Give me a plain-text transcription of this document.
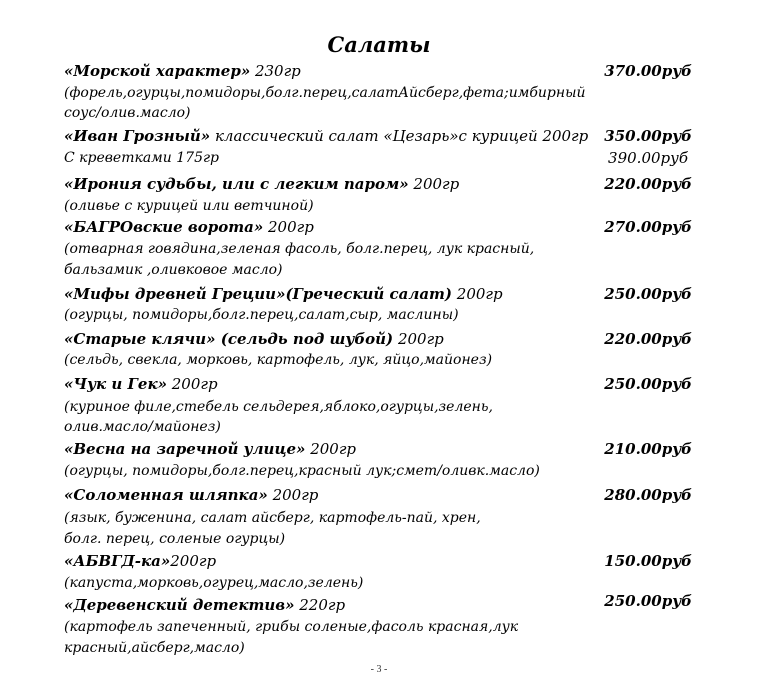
Салаты
«Морской характер» 230гр	370.00руб
(форель,огурцы,помидоры,болг.перец,салатАйсберг,фета;имбирный
соус/олив.масло)
«Иван Грозный» классический салат «Цезарь»с курицей 200гр 350.00руб
С креветками 175гр	390.00руб
«Ирония судьбы, или с легким паром» 200гр	220.00руб
(оливье с курицей или ветчиной)
«БАГРОвские ворота» 200гр	270.00руб
(отварная говядина,зеленая фасоль, болг.перец, лук красный,
бальзамик ,оливковое масло)
«Мифы древней Греции»(Греческий салат) 200гр	250.00руб
(огурцы, помидоры,болг.перец,салат,сыр, маслины)
«Старые клячи» (сельдь под шубой) 200гр	220.00руб
(сельдь, свекла, морковь, картофель, лук, яйцо,майонез)
«Чук и Гек» 200гр	250.00руб
(куриное филе,стебель сельдерея,яблоко,огурцы,зелень,
олив.масло/майонез)
«Весна на заречной улице» 200гр	210.00руб
(огурцы, помидоры,болг.перец,красный лук;смет/оливк.масло)
«Соломенная шляпка» 200гр	280.00руб
(язык, буженина, салат айсберг, картофель-пай, хрен,
болг. перец, соленые огурцы)
«АБВГД-ка»200гр	150.00руб
(капуста,морковь,огурец,масло,зелень)
«Деревенский детектив» 220гр	250.00руб
(картофель запеченный, грибы соленые,фасоль красная,лук
красный,айсберг,масло)
- 3 -
